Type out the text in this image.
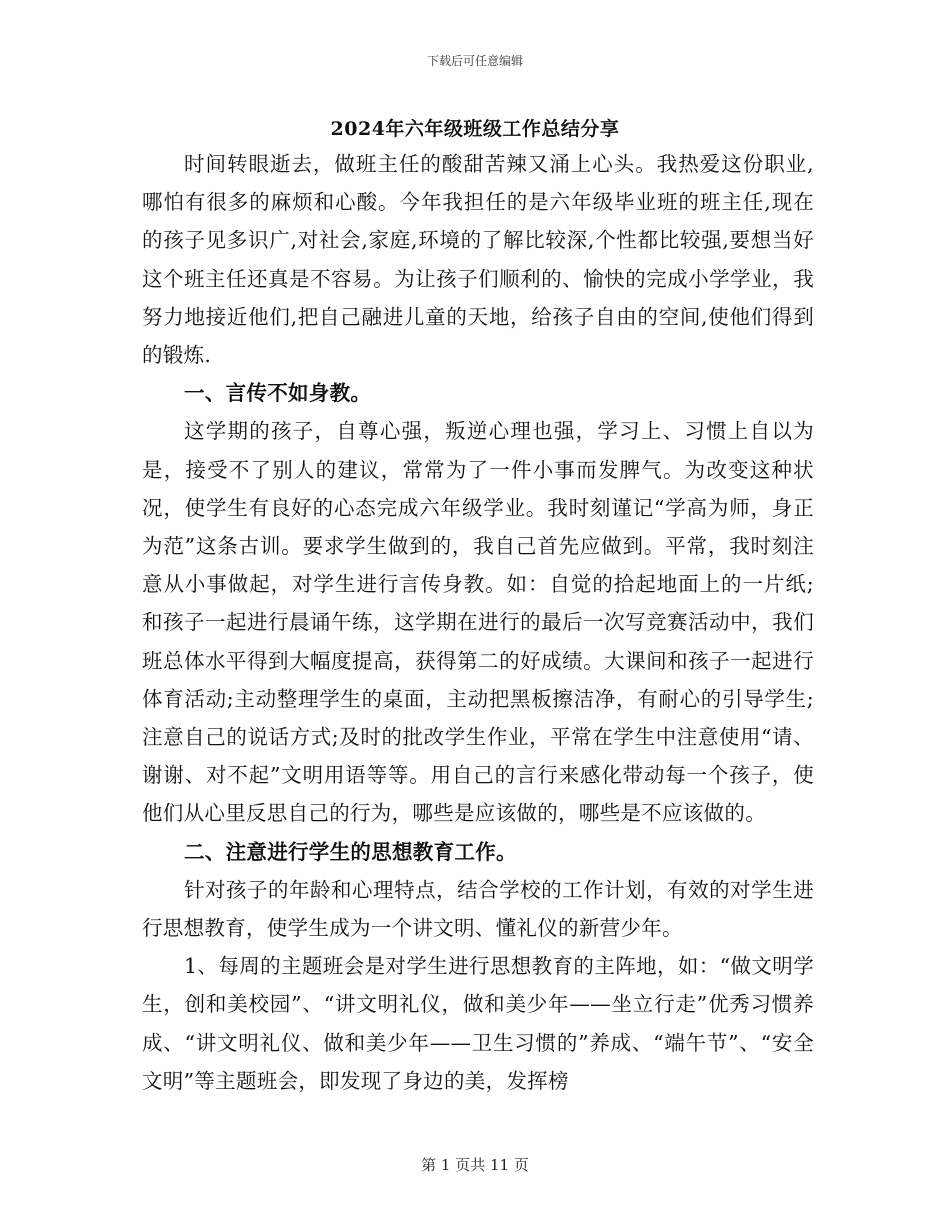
下载后可任意编辑
2024年六年级班级工作总结分享

时间转眼逝去，做班主任的酸甜苦辣又涌上心头。我热爱这份职业,哪怕有很多的麻烦和心酸。今年我担任的是六年级毕业班的班主任,现在的孩子见多识广,对社会,家庭,环境的了解比较深,个性都比较强,要想当好这个班主任还真是不容易。为让孩子们顺利的、愉快的完成小学学业，我努力地接近他们,把自己融进儿童的天地，给孩子自由的空间,使他们得到的锻炼.

一、言传不如身教。

这学期的孩子，自尊心强，叛逆心理也强，学习上、习惯上自以为是，接受不了别人的建议，常常为了一件小事而发脾气。为改变这种状况，使学生有良好的心态完成六年级学业。我时刻谨记“学高为师，身正为范”这条古训。要求学生做到的，我自己首先应做到。平常，我时刻注意从小事做起，对学生进行言传身教。如：自觉的拾起地面上的一片纸;和孩子一起进行晨诵午练，这学期在进行的最后一次写竞赛活动中，我们班总体水平得到大幅度提高，获得第二的好成绩。大课间和孩子一起进行体育活动;主动整理学生的桌面，主动把黑板擦洁净，有耐心的引导学生;注意自己的说话方式;及时的批改学生作业，平常在学生中注意使用“请、谢谢、对不起”文明用语等等。用自己的言行来感化带动每一个孩子，使他们从心里反思自己的行为，哪些是应该做的，哪些是不应该做的。

二、注意进行学生的思想教育工作。

针对孩子的年龄和心理特点，结合学校的工作计划，有效的对学生进行思想教育，使学生成为一个讲文明、懂礼仪的新营少年。

1、每周的主题班会是对学生进行思想教育的主阵地，如：“做文明学生，创和美校园”、“讲文明礼仪，做和美少年——坐立行走”优秀习惯养成、“讲文明礼仪、做和美少年——卫生习惯的”养成、“端午节”、“安全文明”等主题班会，即发现了身边的美，发挥榜

第 1 页共 11 页
